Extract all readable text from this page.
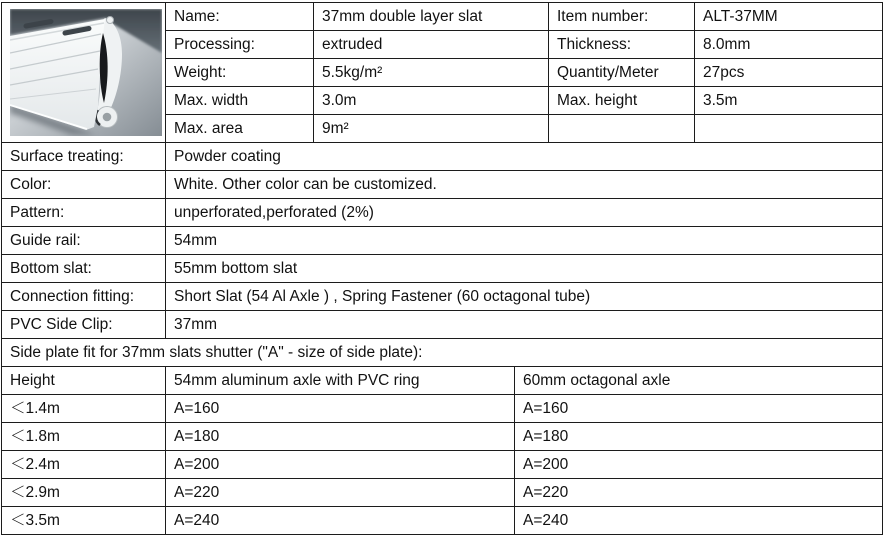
	Name:	37mm double layer slat		Item number:	ALT-37MM
	Processing:	extruded		Thickness:	8.0mm
	Weight:	5.5kg/m²		Quantity/Meter	27pcs
	Max. width	3.0m		Max. height	3.5m
	Max. area	9m²			
Surface treating:	Powder coating				
Color:	White. Other color can be customized.				
Pattern:	unperforated,perforated (2%)				
Guide rail:	54mm				
Bottom slat:	55mm bottom slat				
Connection fitting:	Short Slat (54 Al Axle ) , Spring Fastener (60 octagonal tube)				
PVC Side Clip:	37mm				
Side plate fit for 37mm slats shutter ("A" - size of side plate):					
Height	54mm aluminum axle with PVC ring		60mm octagonal axle		
＜1.4m	A=160		A=160		
＜1.8m	A=180		A=180		
＜2.4m	A=200		A=200		
＜2.9m	A=220		A=220		
＜3.5m	A=240		A=240		
